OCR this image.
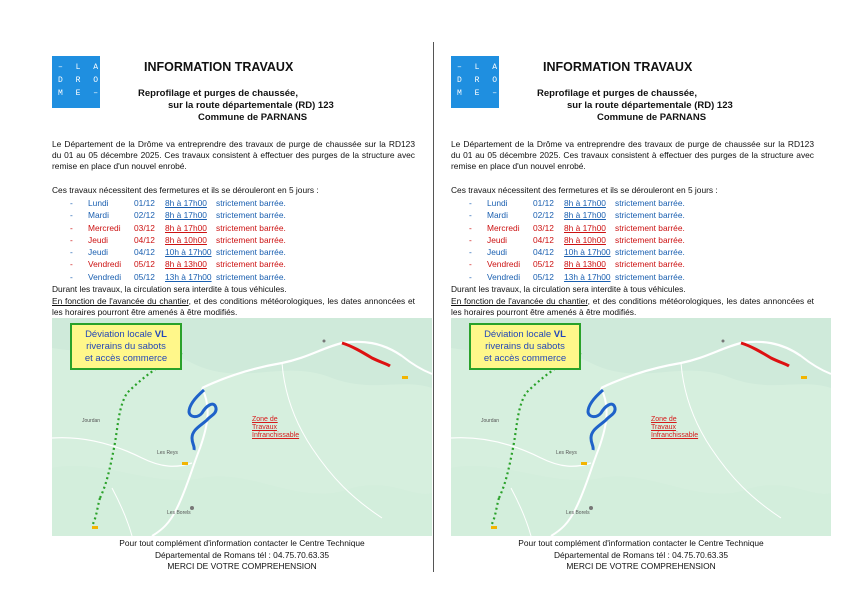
– L A
D R O
M E –
INFORMATION TRAVAUX
Reprofilage et purges de chaussée,
sur la route départementale (RD) 123
Commune de PARNANS
Le Département de la Drôme va entreprendre des travaux de purge de chaussée sur la RD123 du 01 au 05 décembre 2025. Ces travaux consistent à effectuer des purges de la structure avec remise en place d'un nouvel enrobé.
Ces travaux nécessitent des fermetures et ils se dérouleront en 5 jours :
- Lundi	01/12 8h à 17h00 strictement barrée.
- Mardi	02/12 8h à 17h00 strictement barrée.
- Mercredi 03/12 8h à 17h00 strictement barrée.
- Jeudi	04/12 8h à 10h00 strictement barrée.
- Jeudi	04/12 10h à 17h00 strictement barrée.
- Vendredi 05/12 8h à 13h00 strictement barrée.
- Vendredi 05/12 13h à 17h00 strictement barrée.
Durant les travaux, la circulation sera interdite à tous véhicules.
En fonction de l'avancée du chantier, et des conditions météorologiques, les dates annoncées et les horaires pourront être amenés à être modifiés.
Déviation locale VL
riverains du sabots
et accès commerce
Zone de
Travaux
Infranchissable
Jourdan
Les Reys
Les Borels
Pour tout complément d'information contacter le Centre Technique
Départemental de Romans tél : 04.75.70.63.35
MERCI DE VOTRE COMPREHENSION
– L A
D R O
M E –
INFORMATION TRAVAUX
Reprofilage et purges de chaussée,
sur la route départementale (RD) 123
Commune de PARNANS
Le Département de la Drôme va entreprendre des travaux de purge de chaussée sur la RD123 du 01 au 05 décembre 2025. Ces travaux consistent à effectuer des purges de la structure avec remise en place d'un nouvel enrobé.
Ces travaux nécessitent des fermetures et ils se dérouleront en 5 jours :
- Lundi	01/12 8h à 17h00 strictement barrée.
- Mardi	02/12 8h à 17h00 strictement barrée.
- Mercredi 03/12 8h à 17h00 strictement barrée.
- Jeudi	04/12 8h à 10h00 strictement barrée.
- Jeudi	04/12 10h à 17h00 strictement barrée.
- Vendredi 05/12 8h à 13h00 strictement barrée.
- Vendredi 05/12 13h à 17h00 strictement barrée.
Durant les travaux, la circulation sera interdite à tous véhicules.
En fonction de l'avancée du chantier, et des conditions météorologiques, les dates annoncées et les horaires pourront être amenés à être modifiés.
Déviation locale VL
riverains du sabots
et accès commerce
Zone de
Travaux
Infranchissable
Jourdan
Les Reys
Les Borels
Pour tout complément d'information contacter le Centre Technique
Départemental de Romans tél : 04.75.70.63.35
MERCI DE VOTRE COMPREHENSION
